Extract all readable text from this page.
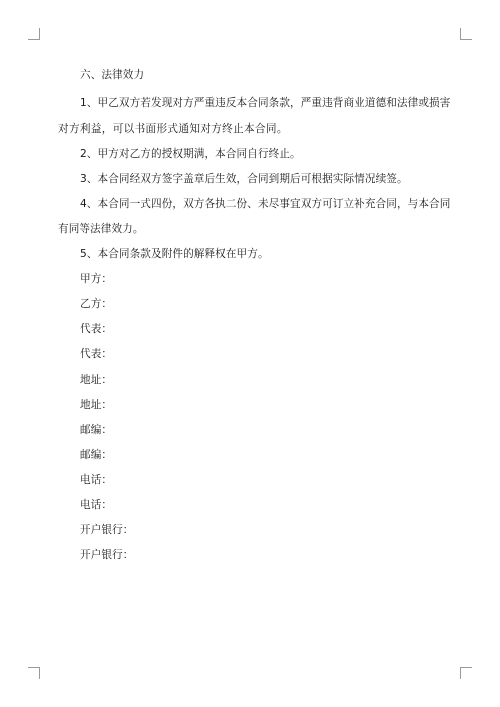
六、法律效力
1、甲乙双方若发现对方严重违反本合同条款，严重违背商业道德和法律或损害
对方利益，可以书面形式通知对方终止本合同。
2、甲方对乙方的授权期满，本合同自行终止。
3、本合同经双方签字盖章后生效，合同到期后可根据实际情况续签。
4、本合同一式四份，双方各执二份、未尽事宜双方可订立补充合同，与本合同
有同等法律效力。
5、本合同条款及附件的解释权在甲方。
甲方：
乙方：
代表：
代表：
地址：
地址：
邮编：
邮编：
电话：
电话：
开户银行：
开户银行：
